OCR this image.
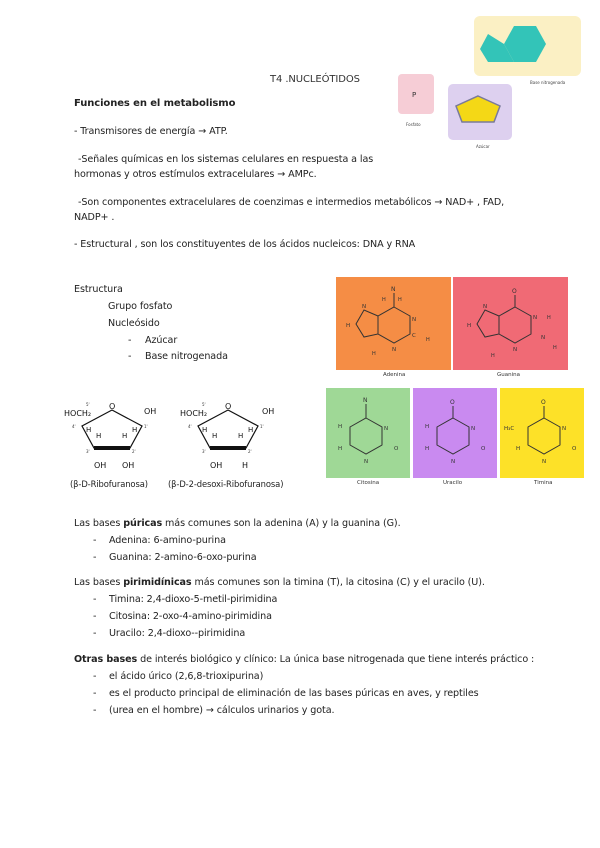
T4 .NUCLEÓTIDOS	Base nitrogenada
Azúcar
P
Fosfato
Funciones en el metabolismo
- Transmisores de energía → ATP.
-Señales químicas en los sistemas celulares en respuesta a las
hormonas y otros estímulos extracelulares → AMPc.
-Son componentes extracelulares de coenzimas e intermedios metabólicos → NAD+ , FAD,
NADP+ .
- Estructural , son los constituyentes de los ácidos nucleicos: DNA y RNA
Estructura
Grupo fosfato
Nucleósido
- Azúcar
- Base nitrogenada
N
H
H
N
C
N
H
N
H
H
Adenina
O
N H
N
N
H
H
N
H
Guanina
N
H
H
N
N
O
Citosina
O
H
H
N
N
O
Uracilo
O
H₃C
H
N
N
O
Timina
HOCH₂
O
OH
H	H
H	H
OH OH
4'	1'
3'	2'
5'
(β-D-Ribofuranosa)
HOCH₂
O
OH
H	H
H	H
OH H
4'	1'
3'	2'
5'
(β-D-2-desoxi-Ribofuranosa)
Las bases púricas más comunes son la adenina (A) y la guanina (G).
- Adenina: 6-amino-purina
- Guanina: 2-amino-6-oxo-purina
Las bases pirimidínicas más comunes son la timina (T), la citosina (C) y el uracilo (U).
- Timina: 2,4-dioxo-5-metil-pirimidina
- Citosina: 2-oxo-4-amino-pirimidina
- Uracilo: 2,4-dioxo--pirimidina
Otras bases de interés biológico y clínico: La única base nitrogenada que tiene interés práctico :
- el ácido úrico (2,6,8-trioxipurina)
- es el producto principal de eliminación de las bases púricas en aves, y reptiles
- (urea en el hombre) → cálculos urinarios y gota.
